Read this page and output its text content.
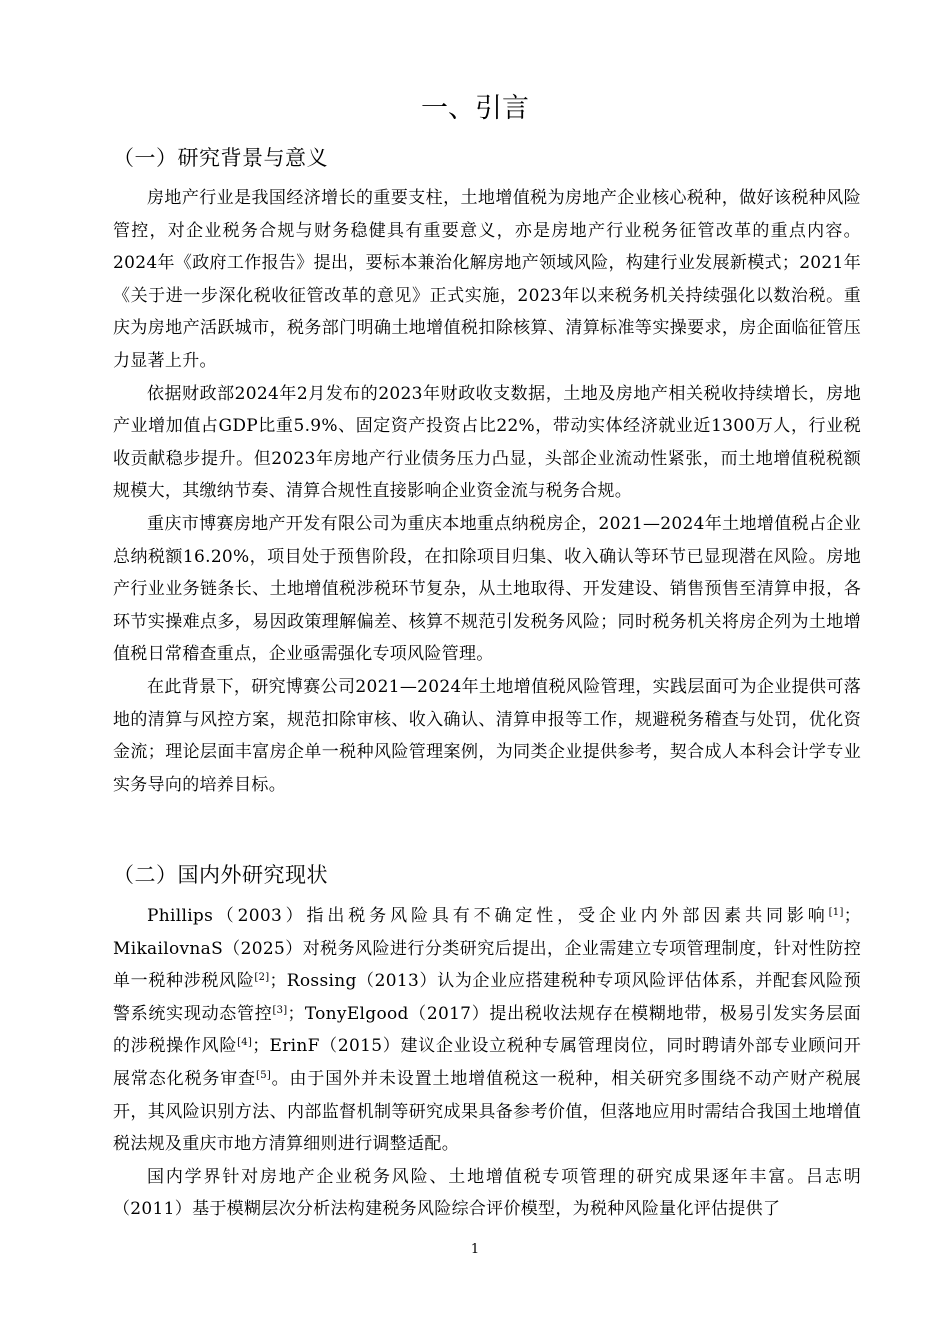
一、引言
（一）研究背景与意义

房地产行业是我国经济增长的重要支柱，土地增值税为房地产企业核心税种，做好该税种风险管控，对企业税务合规与财务稳健具有重要意义，亦是房地产行业税务征管改革的重点内容。2024年《政府工作报告》提出，要标本兼治化解房地产领域风险，构建行业发展新模式；2021年《关于进一步深化税收征管改革的意见》正式实施，2023年以来税务机关持续强化以数治税。重庆为房地产活跃城市，税务部门明确土地增值税扣除核算、清算标准等实操要求，房企面临征管压力显著上升。

依据财政部2024年2月发布的2023年财政收支数据，土地及房地产相关税收持续增长，房地产业增加值占GDP比重5.9%、固定资产投资占比22%，带动实体经济就业近1300万人，行业税收贡献稳步提升。但2023年房地产行业债务压力凸显，头部企业流动性紧张，而土地增值税税额规模大，其缴纳节奏、清算合规性直接影响企业资金流与税务合规。

重庆市博赛房地产开发有限公司为重庆本地重点纳税房企，2021—2024年土地增值税占企业总纳税额16.20%，项目处于预售阶段，在扣除项目归集、收入确认等环节已显现潜在风险。房地产行业业务链条长、土地增值税涉税环节复杂，从土地取得、开发建设、销售预售至清算申报，各环节实操难点多，易因政策理解偏差、核算不规范引发税务风险；同时税务机关将房企列为土地增值税日常稽查重点，企业亟需强化专项风险管理。

在此背景下，研究博赛公司2021—2024年土地增值税风险管理，实践层面可为企业提供可落地的清算与风控方案，规范扣除审核、收入确认、清算申报等工作，规避税务稽查与处罚，优化资金流；理论层面丰富房企单一税种风险管理案例，为同类企业提供参考，契合成人本科会计学专业实务导向的培养目标。

（二）国内外研究现状

Phillips（2003）指出税务风险具有不确定性，受企业内外部因素共同影响[1]；MikailovnaS（2025）对税务风险进行分类研究后提出，企业需建立专项管理制度，针对性防控单一税种涉税风险[2]；Rossing（2013）认为企业应搭建税种专项风险评估体系，并配套风险预警系统实现动态管控[3]；TonyElgood（2017）提出税收法规存在模糊地带，极易引发实务层面的涉税操作风险[4]；ErinF（2015）建议企业设立税种专属管理岗位，同时聘请外部专业顾问开展常态化税务审查[5]。由于国外并未设置土地增值税这一税种，相关研究多围绕不动产财产税展开，其风险识别方法、内部监督机制等研究成果具备参考价值，但落地应用时需结合我国土地增值税法规及重庆市地方清算细则进行调整适配。

国内学界针对房地产企业税务风险、土地增值税专项管理的研究成果逐年丰富。吕志明（2011）基于模糊层次分析法构建税务风险综合评价模型，为税种风险量化评估提供了

1
